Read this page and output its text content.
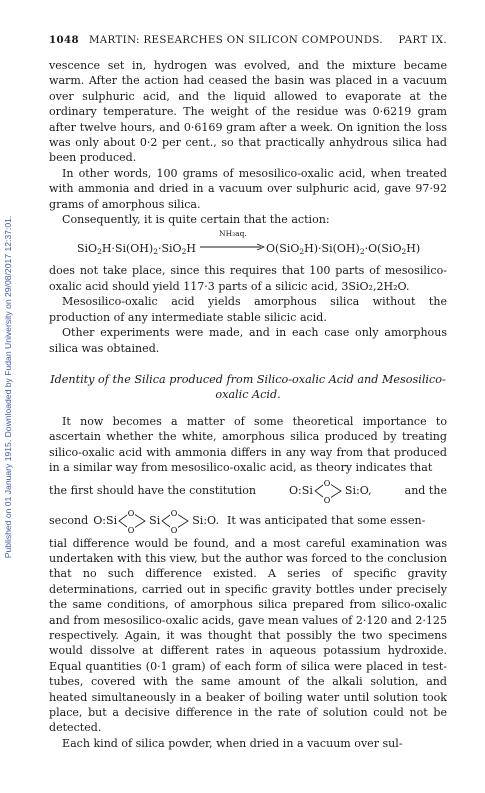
Published on 01 January 1915. Downloaded by Fudan University on 29/08/2017 12:37:01.
1048 MARTIN: RESEARCHES ON SILICON COMPOUNDS.	PART IX.

vescence set in, hydrogen was evolved, and the mixture became warm. After the action had ceased the basin was placed in a vacuum over sulphuric acid, and the liquid allowed to evaporate at the ordinary temperature. The weight of the residue was 0·6219 gram after twelve hours, and 0·6169 gram after a week. On ignition the loss was only about 0·2 per cent., so that practically anhydrous silica had been produced.

In other words, 100 grams of mesosilico-oxalic acid, when treated with ammonia and dried in a vacuum over sulphuric acid, gave 97·92 grams of amorphous silica.

Consequently, it is quite certain that the action:

$SiO_2H\cdot Si(OH)_2\cdot SiO_2H$
NH₃aq.
$O(SiO_2H)\cdot Si(OH)_2\cdot O(SiO_2H)$

does not take place, since this requires that 100 parts of mesosilico-oxalic acid should yield 117·3 parts of a silicic acid, 3SiO₂,2H₂O.

Mesosilico-oxalic acid yields amorphous silica without the production of any intermediate stable silicic acid.

Other experiments were made, and in each case only amorphous silica was obtained.

Identity of the Silica produced from Silico-oxalic Acid and Mesosilico-oxalic Acid.

It now becomes a matter of some theoretical importance to ascertain whether the white, amorphous silica produced by treating silico-oxalic acid with ammonia differs in any way from that produced in a similar way from mesosilico-oxalic acid, as theory indicates that

the first should have the constitution	O:Si
O
O
Si:O,	and the
second O:Si
O
O
Si
O
O
Si:O. It was anticipated that some essen-

tial difference would be found, and a most careful examination was undertaken with this view, but the author was forced to the conclusion that no such difference existed. A series of specific gravity determinations, carried out in specific gravity bottles under precisely the same conditions, of amorphous silica prepared from silico-oxalic and from mesosilico-oxalic acids, gave mean values of 2·120 and 2·125 respectively. Again, it was thought that possibly the two specimens would dissolve at different rates in aqueous potassium hydroxide. Equal quantities (0·1 gram) of each form of silica were placed in test-tubes, covered with the same amount of the alkali solution, and heated simultaneously in a beaker of boiling water until solution took place, but a decisive difference in the rate of solution could not be detected.

Each kind of silica powder, when dried in a vacuum over sul-
